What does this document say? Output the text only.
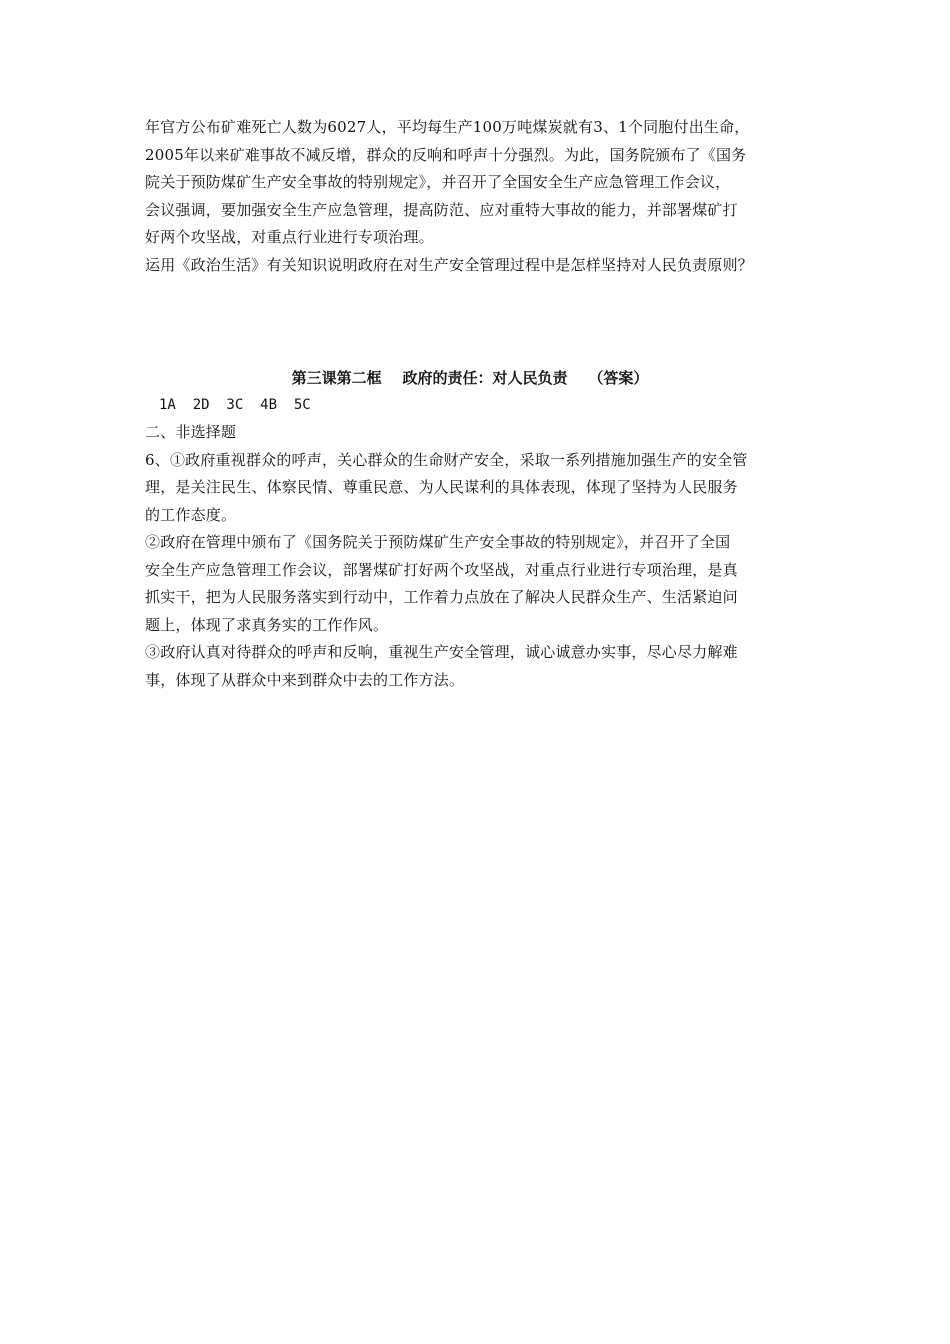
年官方公布矿难死亡人数为6027人，平均每生产100万吨煤炭就有3、1个同胞付出生命，
2005年以来矿难事故不减反增，群众的反响和呼声十分强烈。为此，国务院颁布了《国务
院关于预防煤矿生产安全事故的特别规定》，并召开了全国安全生产应急管理工作会议，
会议强调，要加强安全生产应急管理，提高防范、应对重特大事故的能力，并部署煤矿打
好两个攻坚战，对重点行业进行专项治理。
运用《政治生活》有关知识说明政府在对生产安全管理过程中是怎样坚持对人民负责原则？
第三课第二框    政府的责任：对人民负责    （答案）
1A  2D  3C  4B  5C
二、非选择题
6、①政府重视群众的呼声，关心群众的生命财产安全，采取一系列措施加强生产的安全管
理，是关注民生、体察民情、尊重民意、为人民谋利的具体表现，体现了坚持为人民服务
的工作态度。
②政府在管理中颁布了《国务院关于预防煤矿生产安全事故的特别规定》，并召开了全国
安全生产应急管理工作会议，部署煤矿打好两个攻坚战，对重点行业进行专项治理，是真
抓实干，把为人民服务落实到行动中，工作着力点放在了解决人民群众生产、生活紧迫问
题上，体现了求真务实的工作作风。
③政府认真对待群众的呼声和反响，重视生产安全管理，诚心诚意办实事，尽心尽力解难
事，体现了从群众中来到群众中去的工作方法。
